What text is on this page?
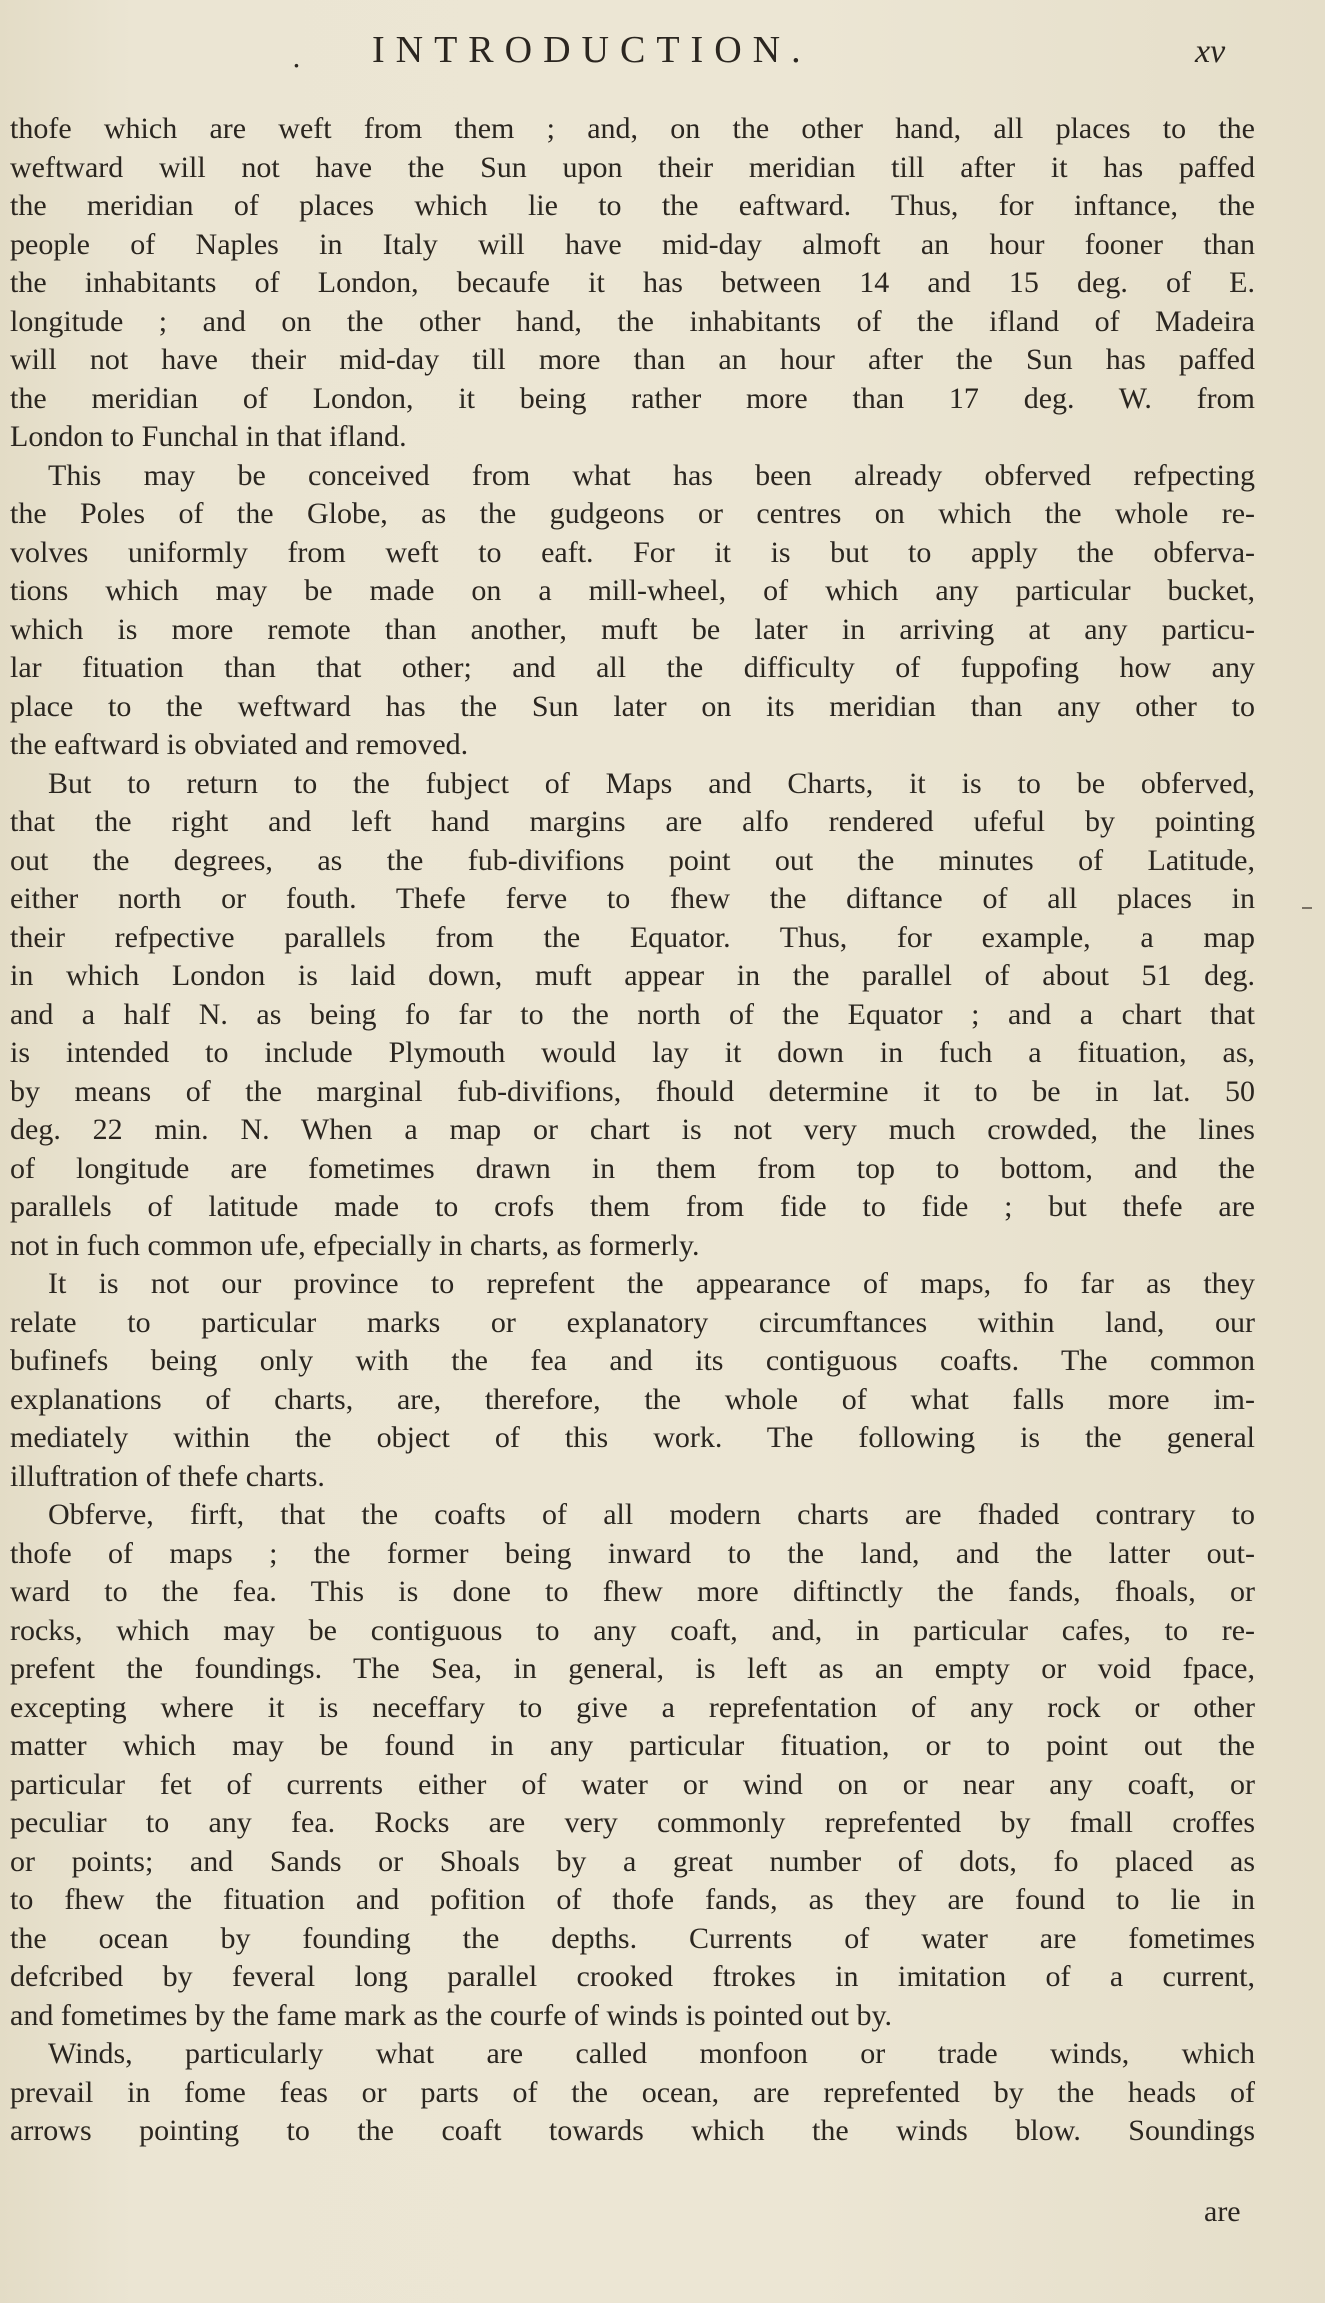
. INTRODUCTION.	xv
thofe which are weft from them ; and, on the other hand, all places to the
weftward will not have the Sun upon their meridian till after it has paffed
the meridian of places which lie to the eaftward. Thus, for inftance, the
people of Naples in Italy will have mid-day almoft an hour fooner than
the inhabitants of London, becaufe it has between 14 and 15 deg. of E.
longitude ; and on the other hand, the inhabitants of the ifland of Madeira
will not have their mid-day till more than an hour after the Sun has paffed
the meridian of London, it being rather more than 17 deg. W. from
London to Funchal in that ifland.
This may be conceived from what has been already obferved refpecting
the Poles of the Globe, as the gudgeons or centres on which the whole re-
volves uniformly from weft to eaft. For it is but to apply the obferva-
tions which may be made on a mill-wheel, of which any particular bucket,
which is more remote than another, muft be later in arriving at any particu-
lar fituation than that other; and all the difficulty of fuppofing how any
place to the weftward has the Sun later on its meridian than any other to
the eaftward is obviated and removed.
But to return to the fubject of Maps and Charts, it is to be obferved,
that the right and left hand margins are alfo rendered ufeful by pointing
out the degrees, as the fub-divifions point out the minutes of Latitude,
either north or fouth. Thefe ferve to fhew the diftance of all places in
their refpective parallels from the Equator. Thus, for example, a map
in which London is laid down, muft appear in the parallel of about 51 deg.
and a half N. as being fo far to the north of the Equator ; and a chart that
is intended to include Plymouth would lay it down in fuch a fituation, as,
by means of the marginal fub-divifions, fhould determine it to be in lat. 50
deg. 22 min. N. When a map or chart is not very much crowded, the lines
of longitude are fometimes drawn in them from top to bottom, and the
parallels of latitude made to crofs them from fide to fide ; but thefe are
not in fuch common ufe, efpecially in charts, as formerly.
It is not our province to reprefent the appearance of maps, fo far as they
relate to particular marks or explanatory circumftances within land, our
bufinefs being only with the fea and its contiguous coafts. The common
explanations of charts, are, therefore, the whole of what falls more im-
mediately within the object of this work. The following is the general
illuftration of thefe charts.
Obferve, firft, that the coafts of all modern charts are fhaded contrary to
thofe of maps ; the former being inward to the land, and the latter out-
ward to the fea. This is done to fhew more diftinctly the fands, fhoals, or
rocks, which may be contiguous to any coaft, and, in particular cafes, to re-
prefent the foundings. The Sea, in general, is left as an empty or void fpace,
excepting where it is neceffary to give a reprefentation of any rock or other
matter which may be found in any particular fituation, or to point out the
particular fet of currents either of water or wind on or near any coaft, or
peculiar to any fea. Rocks are very commonly reprefented by fmall croffes
or points; and Sands or Shoals by a great number of dots, fo placed as
to fhew the fituation and pofition of thofe fands, as they are found to lie in
the ocean by founding the depths. Currents of water are fometimes
defcribed by feveral long parallel crooked ftrokes in imitation of a current,
and fometimes by the fame mark as the courfe of winds is pointed out by.
Winds, particularly what are called monfoon or trade winds, which
prevail in fome feas or parts of the ocean, are reprefented by the heads of
arrows pointing to the coaft towards which the winds blow. Soundings
are
